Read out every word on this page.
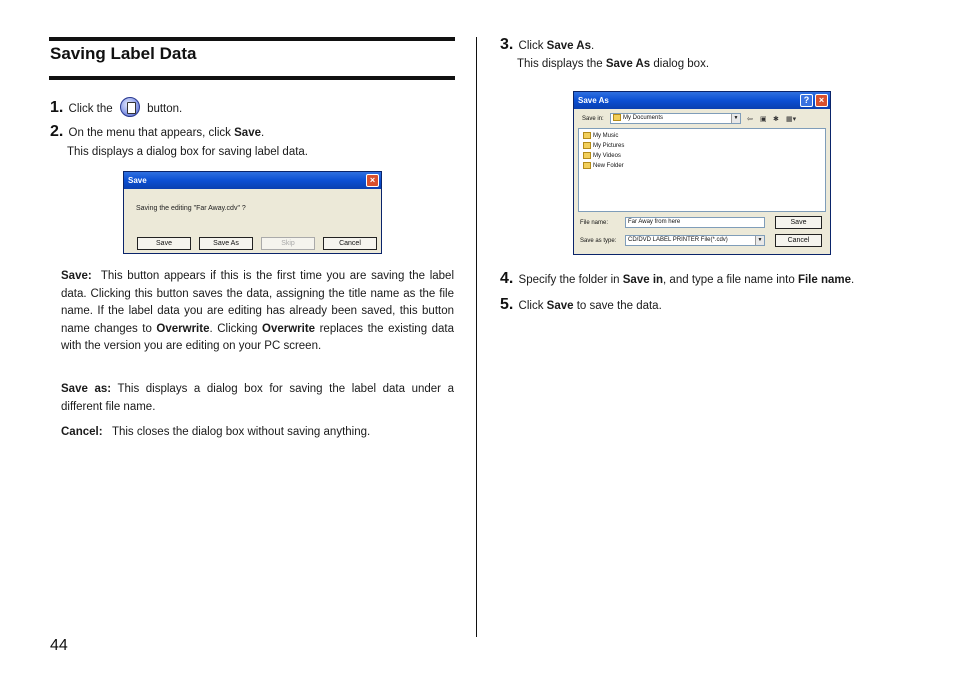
Saving Label Data
1. Click the	button.
2. On the menu that appears, click Save.
This displays a dialog box for saving label data.
Save	×
Saving the editing "Far Away.cdv" ?
Save	Save As	Skip	Cancel
Save: This button appears if this is the first time you are saving the label data. Clicking this button saves the data, assigning the title name as the file name. If the label data you are editing has already been saved, this button name changes to Overwrite. Clicking Overwrite replaces the existing data with the version you are editing on your PC screen.
Save as: This displays a dialog box for saving the label data under a different file name.
Cancel: This closes the dialog box without saving anything.
3. Click Save As.
This displays the Save As dialog box.
Save As	?	×
Save in:	My Documents	▼ ⇦ ▣ ✱ ▦▾
My Music
My Pictures
My Videos
New Folder
File name:	Far Away from here	Save
Save as type:	CD/DVD LABEL PRINTER File(*.cdv)	▼	Cancel
4. Specify the folder in Save in, and type a file name into File name.
5. Click Save to save the data.
44
